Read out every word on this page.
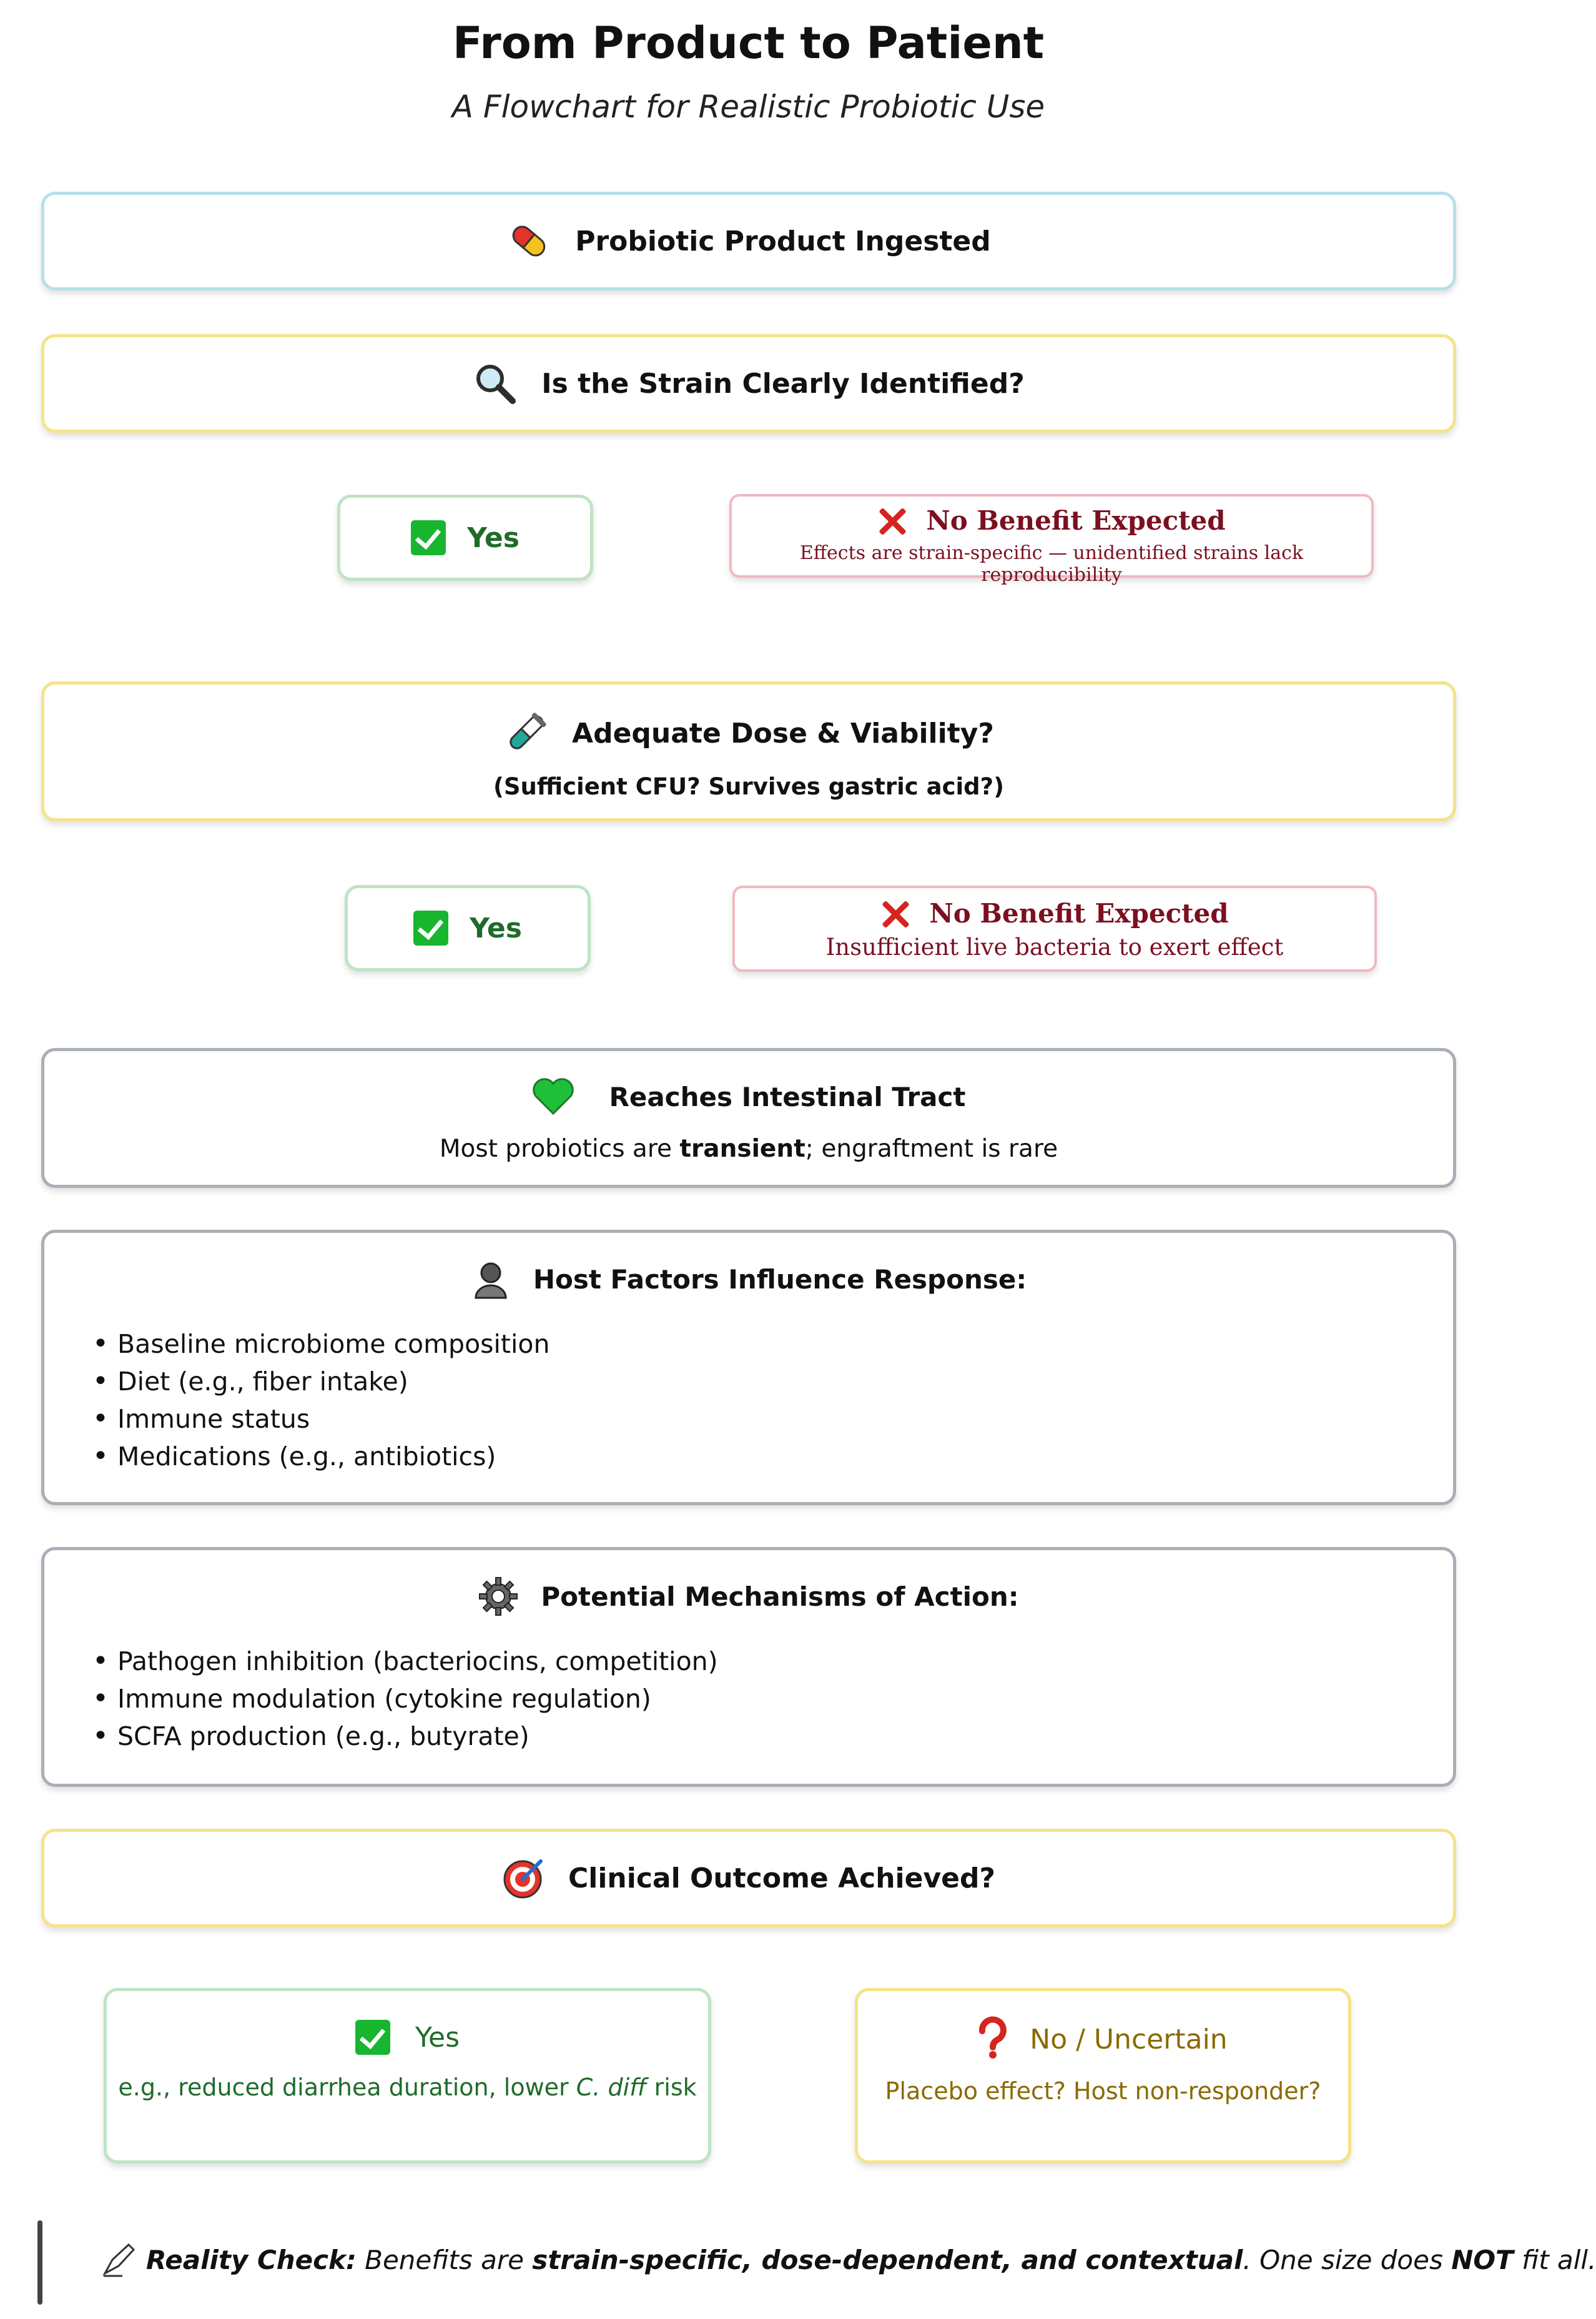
From Product to Patient
A Flowchart for Realistic Probiotic Use
Probiotic Product Ingested
Is the Strain Clearly Identified?
Yes
No Benefit Expected
Effects are strain-specific — unidentified strains lack reproducibility
Adequate Dose & Viability?
(Sufficient CFU? Survives gastric acid?)
Yes	No Benefit Expected
Insufficient live bacteria to exert effect
Reaches Intestinal Tract
Most probiotics are transient; engraftment is rare
Host Factors Influence Response:
• Baseline microbiome composition
• Diet (e.g., fiber intake)
• Immune status
• Medications (e.g., antibiotics)
Potential Mechanisms of Action:
• Pathogen inhibition (bacteriocins, competition)
• Immune modulation (cytokine regulation)
• SCFA production (e.g., butyrate)
Clinical Outcome Achieved?
Yes
e.g., reduced diarrhea duration, lower C. diff risk
No / Uncertain
Placebo effect? Host non-responder?
Reality Check: Benefits are strain-specific, dose-dependent, and contextual. One size does NOT fit all.
